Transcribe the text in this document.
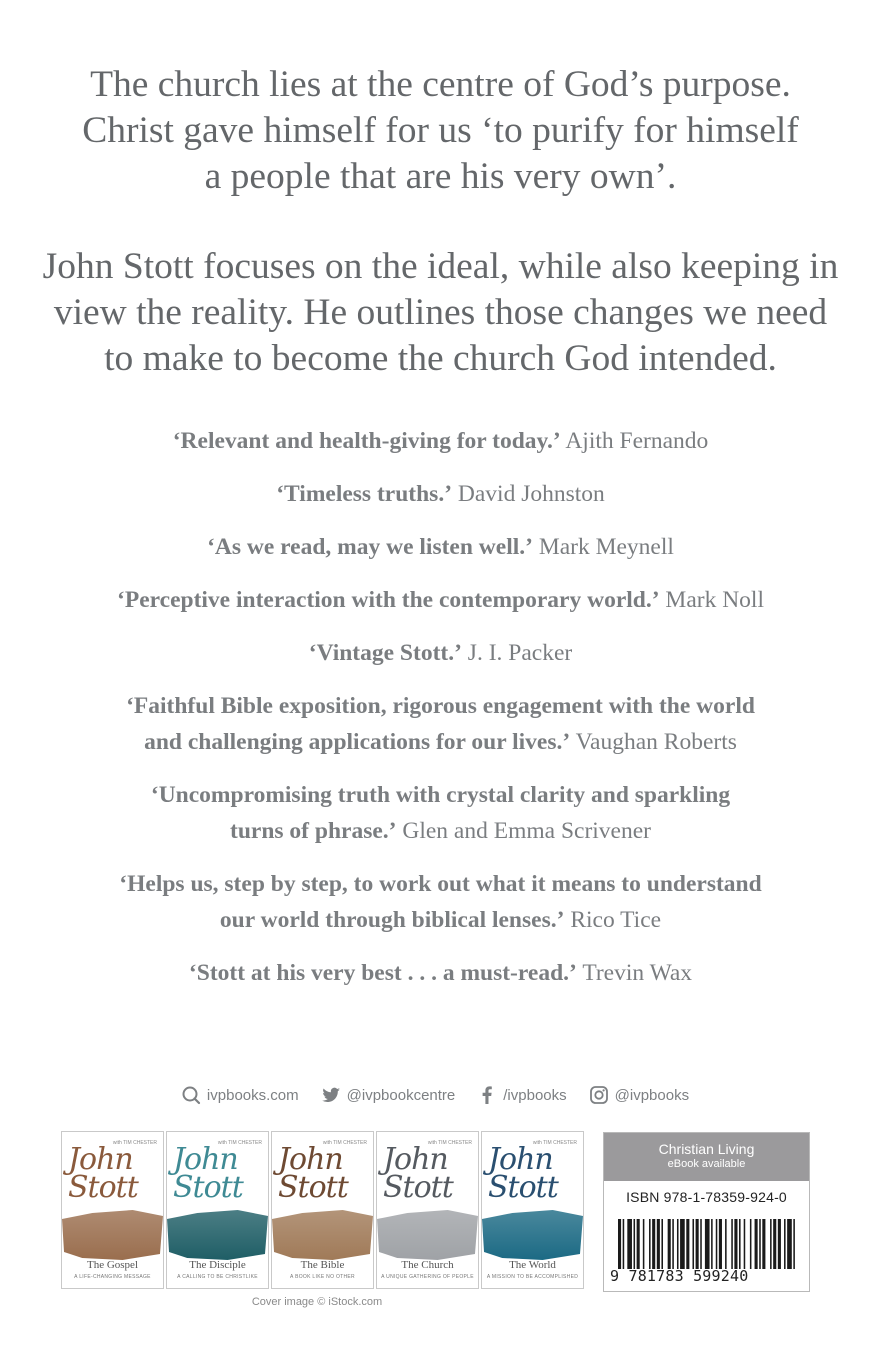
The church lies at the centre of God’s purpose.

Christ gave himself for us ‘to purify for himself

a people that are his very own’.

John Stott focuses on the ideal, while also keeping in

view the reality. He outlines those changes we need

to make to become the church God intended.

‘Relevant and health-giving for today.’ Ajith Fernando
‘Timeless truths.’ David Johnston
‘As we read, may we listen well.’ Mark Meynell
‘Perceptive interaction with the contemporary world.’ Mark Noll
‘Vintage Stott.’ J. I. Packer
‘Faithful Bible exposition, rigorous engagement with the world
and challenging applications for our lives.’ Vaughan Roberts
‘Uncompromising truth with crystal clarity and sparkling
turns of phrase.’ Glen and Emma Scrivener
‘Helps us, step by step, to work out what it means to understand
our world through biblical lenses.’ Rico Tice
‘Stott at his very best . . . a must-read.’ Trevin Wax
ivpbooks.com	@ivpbookcentre	/ivpbooks	@ivpbooks
with TIM CHESTER
John Stott
The Gospel
A LIFE-CHANGING MESSAGE
with TIM CHESTER
John Stott
The Disciple
A CALLING TO BE CHRISTLIKE
with TIM CHESTER
John Stott
The Bible
A BOOK LIKE NO OTHER
with TIM CHESTER
John Stott
The Church
A UNIQUE GATHERING OF PEOPLE
with TIM CHESTER
John Stott
The World
A MISSION TO BE ACCOMPLISHED
Cover image © iStock.com
Christian Living
eBook available
ISBN 978-1-78359-924-0
9 781783 599240
